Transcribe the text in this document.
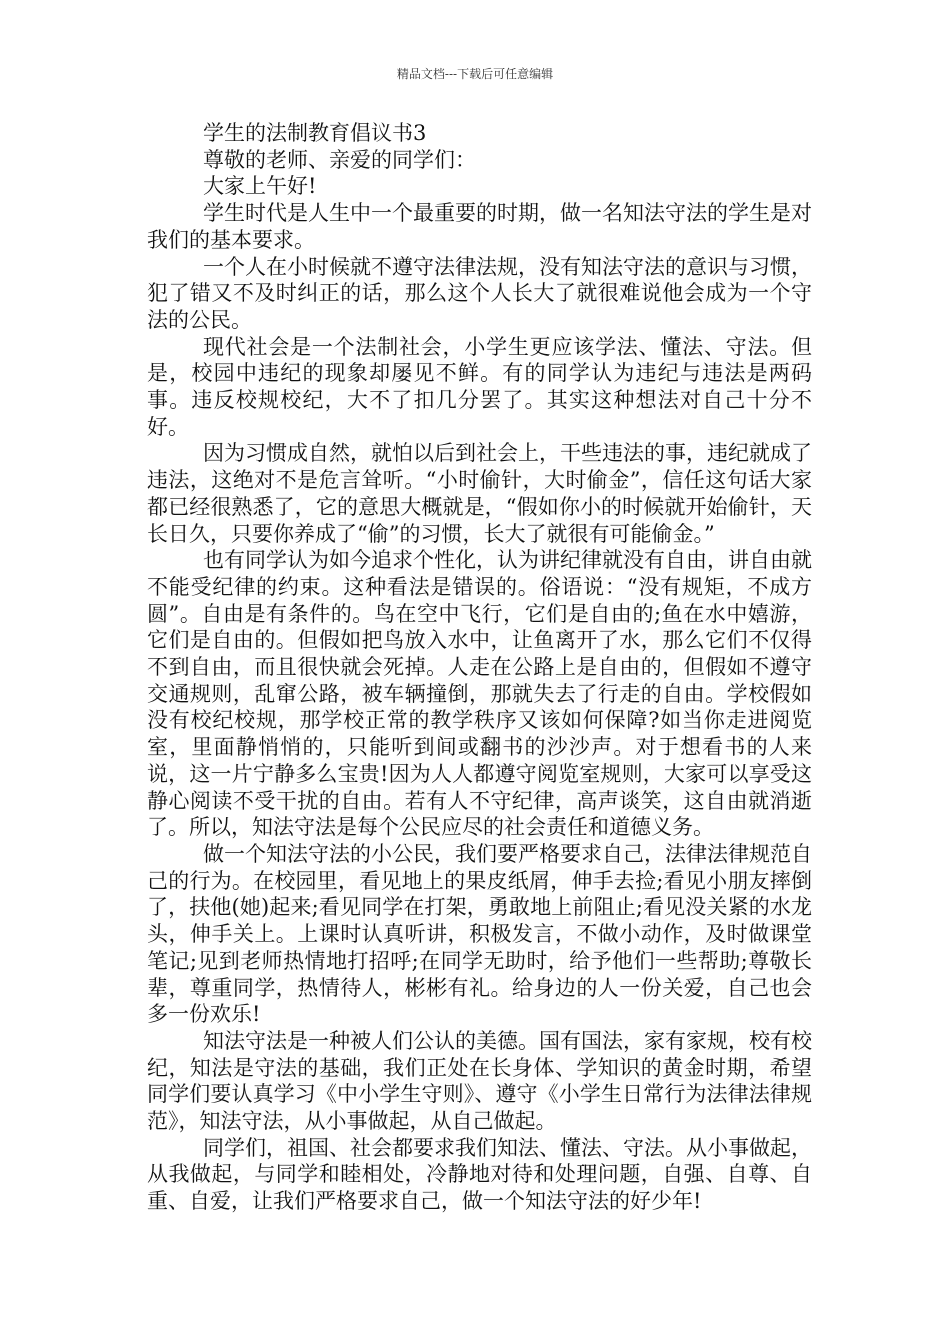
精品文档---下载后可任意编辑

学生的法制教育倡议书3

尊敬的老师、亲爱的同学们：

大家上午好!

学生时代是人生中一个最重要的时期，做一名知法守法的学生是对我们的基本要求。

一个人在小时候就不遵守法律法规，没有知法守法的意识与习惯，犯了错又不及时纠正的话，那么这个人长大了就很难说他会成为一个守法的公民。

现代社会是一个法制社会，小学生更应该学法、懂法、守法。但是，校园中违纪的现象却屡见不鲜。有的同学认为违纪与违法是两码事。违反校规校纪，大不了扣几分罢了。其实这种想法对自己十分不好。

因为习惯成自然，就怕以后到社会上，干些违法的事，违纪就成了违法，这绝对不是危言耸听。“小时偷针，大时偷金”，信任这句话大家都已经很熟悉了，它的意思大概就是，“假如你小的时候就开始偷针，天长日久，只要你养成了“偷”的习惯，长大了就很有可能偷金。”

也有同学认为如今追求个性化，认为讲纪律就没有自由，讲自由就不能受纪律的约束。这种看法是错误的。俗语说：“没有规矩，不成方圆”。自由是有条件的。鸟在空中飞行，它们是自由的;鱼在水中嬉游，它们是自由的。但假如把鸟放入水中，让鱼离开了水，那么它们不仅得不到自由，而且很快就会死掉。人走在公路上是自由的，但假如不遵守交通规则，乱窜公路，被车辆撞倒，那就失去了行走的自由。学校假如没有校纪校规，那学校正常的教学秩序又该如何保障?如当你走进阅览室，里面静悄悄的，只能听到间或翻书的沙沙声。对于想看书的人来说，这一片宁静多么宝贵!因为人人都遵守阅览室规则，大家可以享受这静心阅读不受干扰的自由。若有人不守纪律，高声谈笑，这自由就消逝了。所以，知法守法是每个公民应尽的社会责任和道德义务。

做一个知法守法的小公民，我们要严格要求自己，法律法律规范自己的行为。在校园里，看见地上的果皮纸屑，伸手去捡;看见小朋友摔倒了，扶他(她)起来;看见同学在打架，勇敢地上前阻止;看见没关紧的水龙头，伸手关上。上课时认真听讲，积极发言，不做小动作，及时做课堂笔记;见到老师热情地打招呼;在同学无助时，给予他们一些帮助;尊敬长辈，尊重同学，热情待人，彬彬有礼。给身边的人一份关爱，自己也会多一份欢乐!

知法守法是一种被人们公认的美德。国有国法，家有家规，校有校纪，知法是守法的基础，我们正处在长身体、学知识的黄金时期，希望同学们要认真学习《中小学生守则》、遵守《小学生日常行为法律法律规范》，知法守法，从小事做起，从自己做起。

同学们，祖国、社会都要求我们知法、懂法、守法。从小事做起，从我做起，与同学和睦相处，冷静地对待和处理问题，自强、自尊、自重、自爱，让我们严格要求自己，做一个知法守法的好少年!
